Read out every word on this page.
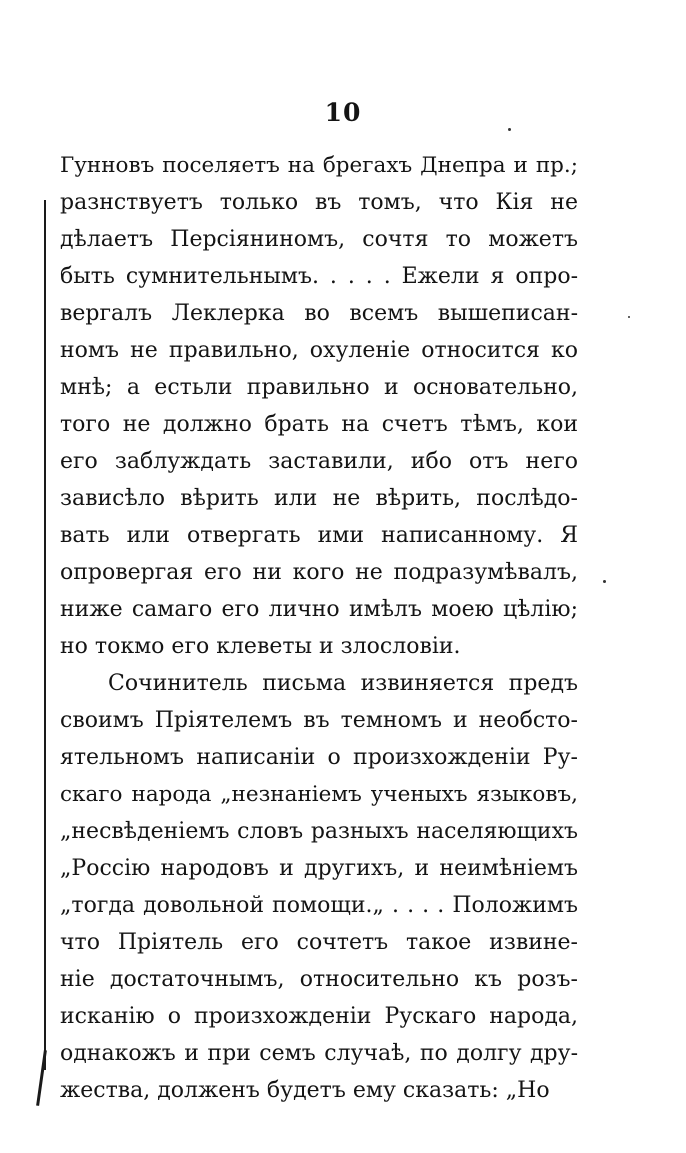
10
Гунновъ поселяетъ на брегахъ Днепра и пр.;
разнствуетъ только въ томъ, что Кія не
дѣлаетъ Персіяниномъ, сочтя то можетъ
быть сумнительнымъ. . . . . Ежели я опро-
вергалъ Леклерка во всемъ вышеписан-
номъ не правильно, охуленіе относится ко
мнѣ; а естьли правильно и основательно,
того не должно брать на счетъ тѣмъ, кои
его заблуждать заставили, ибо отъ него
зависѣло вѣрить или не вѣрить, послѣдо-
вать или отвергать ими написанному. Я
опровергая его ни кого не подразумѣвалъ,
ниже самаго его лично имѣлъ моею цѣлію;
но токмо его клеветы и злословіи.
Сочинитель письма извиняется предъ
своимъ Пріятелемъ въ темномъ и необсто-
ятельномъ написаніи о произхожденіи Ру-
скаго народа „незнаніемъ ученыхъ языковъ,
„несвѣденіемъ словъ разныхъ населяющихъ
„Россію народовъ и другихъ, и неимѣніемъ
„тогда довольной помощи.„ . . . . Положимъ
что Пріятель его сочтетъ такое извине-
ніе достаточнымъ, относительно къ розъ-
исканію о произхожденіи Рускаго народа,
однакожъ и при семъ случаѣ, по долгу дру-
жества, долженъ будетъ ему сказать: „Но
